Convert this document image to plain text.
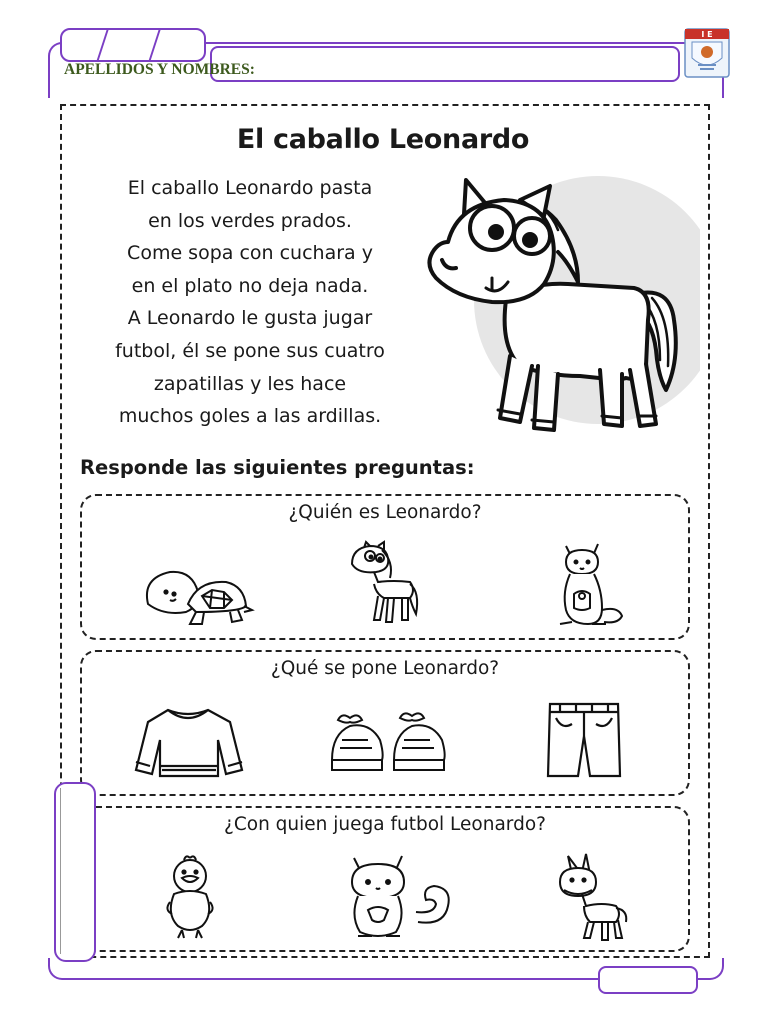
APELLIDOS Y NOMBRES:
I E
El caballo Leonardo
El caballo Leonardo pasta
en los verdes prados.
Come sopa con cuchara y
en el plato no deja nada.
A Leonardo le gusta jugar
futbol, él se pone sus cuatro
zapatillas y les hace
muchos goles a las ardillas.
Responde las siguientes preguntas:
¿Quién es Leonardo?
¿Qué se pone Leonardo?
¿Con quien juega futbol Leonardo?
